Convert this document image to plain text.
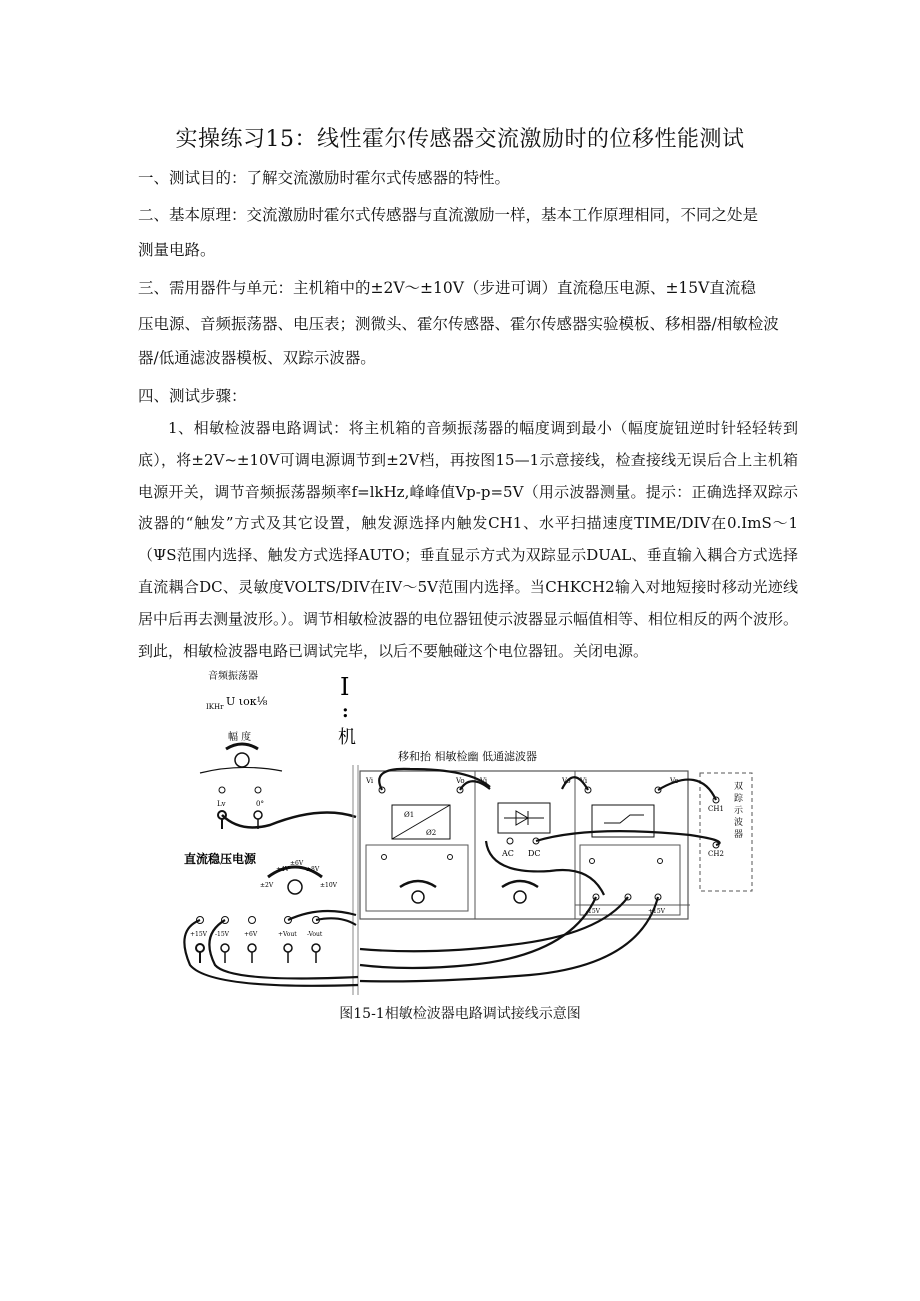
实操练习15：线性霍尔传感器交流激励时的位移性能测试
一、测试目的：了解交流激励时霍尔式传感器的特性。
二、基本原理：交流激励时霍尔式传感器与直流激励一样，基本工作原理相同，不同之处是
测量电路。
三、需用器件与单元：主机箱中的±2V～±10V（步进可调）直流稳压电源、±15V直流稳
压电源、音频振荡器、电压表；测微头、霍尔传感器、霍尔传感器实验模板、移相器/相敏检波
器/低通滤波器模板、双踪示波器。
四、测试步骤：
1、相敏检波器电路调试：将主机箱的音频振荡器的幅度调到最小（幅度旋钮逆时针轻轻转到底），将±2V~±10V可调电源调节到±2V档，再按图15—1示意接线，检查接线无误后合上主机箱电源开关，调节音频振荡器频率f=lkHz,峰峰值Vp-p=5V（用示波器测量。提示：正确选择双踪示波器的“触发”方式及其它设置，触发源选择内触发CH1、水平扫描速度TIME/DIV在0.ImS～1（ΨS范围内选择、触发方式选择AUTO；垂直显示方式为双踪显示DUAL、垂直输入耦合方式选择直流耦合DC、灵敏度VOLTS/DIV在IV～5V范围内选择。当CHKCH2输入对地短接时移动光迹线居中后再去测量波形。）。调节相敏检波器的电位器钮使示波器显示幅值相等、相位相反的两个波形。到此，相敏检波器电路已调试完毕，以后不要触碰这个电位器钮。关闭电源。
音频振荡器
IKHr U ιoκ⅛
幅 度
Lv	0°
I
:
机
直流稳压电源
±2V
±4V
±6V
±8V
±10V
+15V -15V	+6V	+Vout -Vout
移和抬 相敏检幽 低通滤波器
Vi	Vo
Ø1
Ø2
Vi	Vo
AC DC
Vi	Vo
-15V	+15V
双
踪
示
波
器
CH1
CH2
图15-1相敏检波器电路调试接线示意图
